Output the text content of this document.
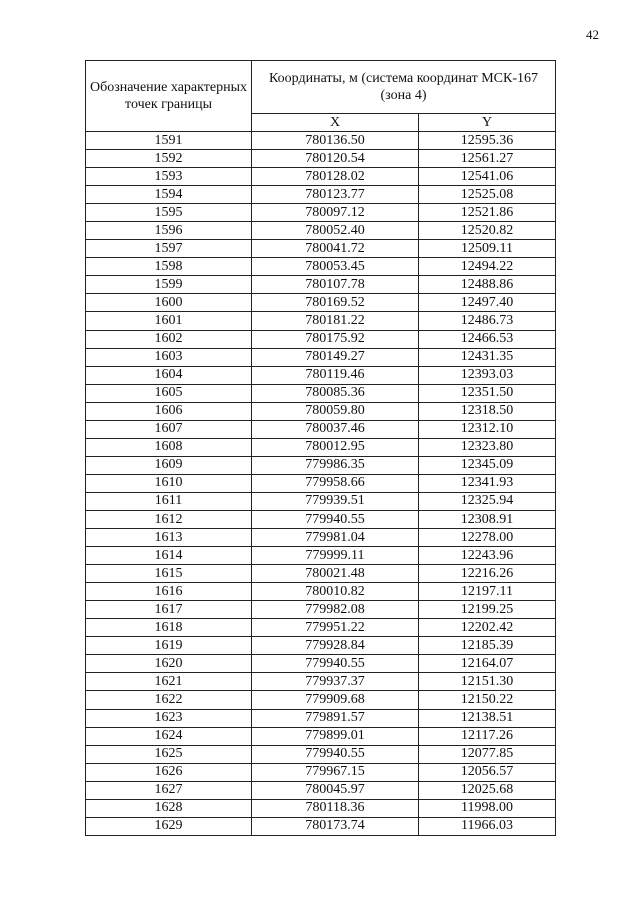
42
Обозначение характерных точек границы	Координаты, м (система координат МСК-167 (зона 4)	
	X	Y
1591	780136.50	12595.36
1592	780120.54	12561.27
1593	780128.02	12541.06
1594	780123.77	12525.08
1595	780097.12	12521.86
1596	780052.40	12520.82
1597	780041.72	12509.11
1598	780053.45	12494.22
1599	780107.78	12488.86
1600	780169.52	12497.40
1601	780181.22	12486.73
1602	780175.92	12466.53
1603	780149.27	12431.35
1604	780119.46	12393.03
1605	780085.36	12351.50
1606	780059.80	12318.50
1607	780037.46	12312.10
1608	780012.95	12323.80
1609	779986.35	12345.09
1610	779958.66	12341.93
1611	779939.51	12325.94
1612	779940.55	12308.91
1613	779981.04	12278.00
1614	779999.11	12243.96
1615	780021.48	12216.26
1616	780010.82	12197.11
1617	779982.08	12199.25
1618	779951.22	12202.42
1619	779928.84	12185.39
1620	779940.55	12164.07
1621	779937.37	12151.30
1622	779909.68	12150.22
1623	779891.57	12138.51
1624	779899.01	12117.26
1625	779940.55	12077.85
1626	779967.15	12056.57
1627	780045.97	12025.68
1628	780118.36	11998.00
1629	780173.74	11966.03
